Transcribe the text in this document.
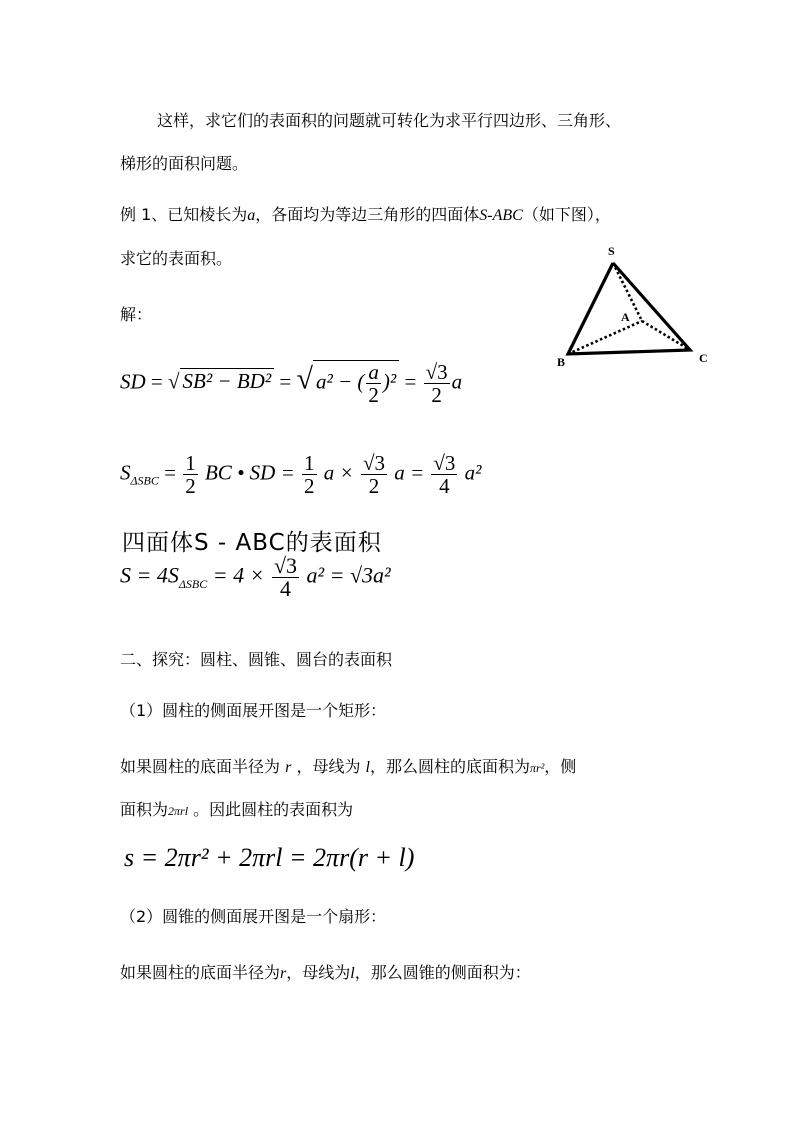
这样，求它们的表面积的问题就可转化为求平行四边形、三角形、
梯形的面积问题。
例 1、已知棱长为a，各面均为等边三角形的四面体S-ABC（如下图），
求它的表面积。
解：
S
A
B	C
SD = √ SB² − BD² = √ a² − ( $\frac{a}{2} )^2 = \frac{√3}{2}$ a
$S_{\Delta SBC} = \frac{1}{2}$ BC • SD = $\frac{1}{2}$ $a \times \frac{√3}{2}$ $a = \frac{√3}{4} a^2$
四面体S - ABC的表面积
$S = 4S_{\Delta SBC} = 4 \times \frac{√3}{4} a^2 = √3a^2$
二、探究：圆柱、圆锥、圆台的表面积
（1）圆柱的侧面展开图是一个矩形：
如果圆柱的底面半径为 r ，母线为 l，那么圆柱的底面积为πr²，侧
面积为2πrl 。因此圆柱的表面积为
s = 2πr² + 2πrl = 2πr(r + l)
（2）圆锥的侧面展开图是一个扇形：
如果圆柱的底面半径为r，母线为l，那么圆锥的侧面积为：
